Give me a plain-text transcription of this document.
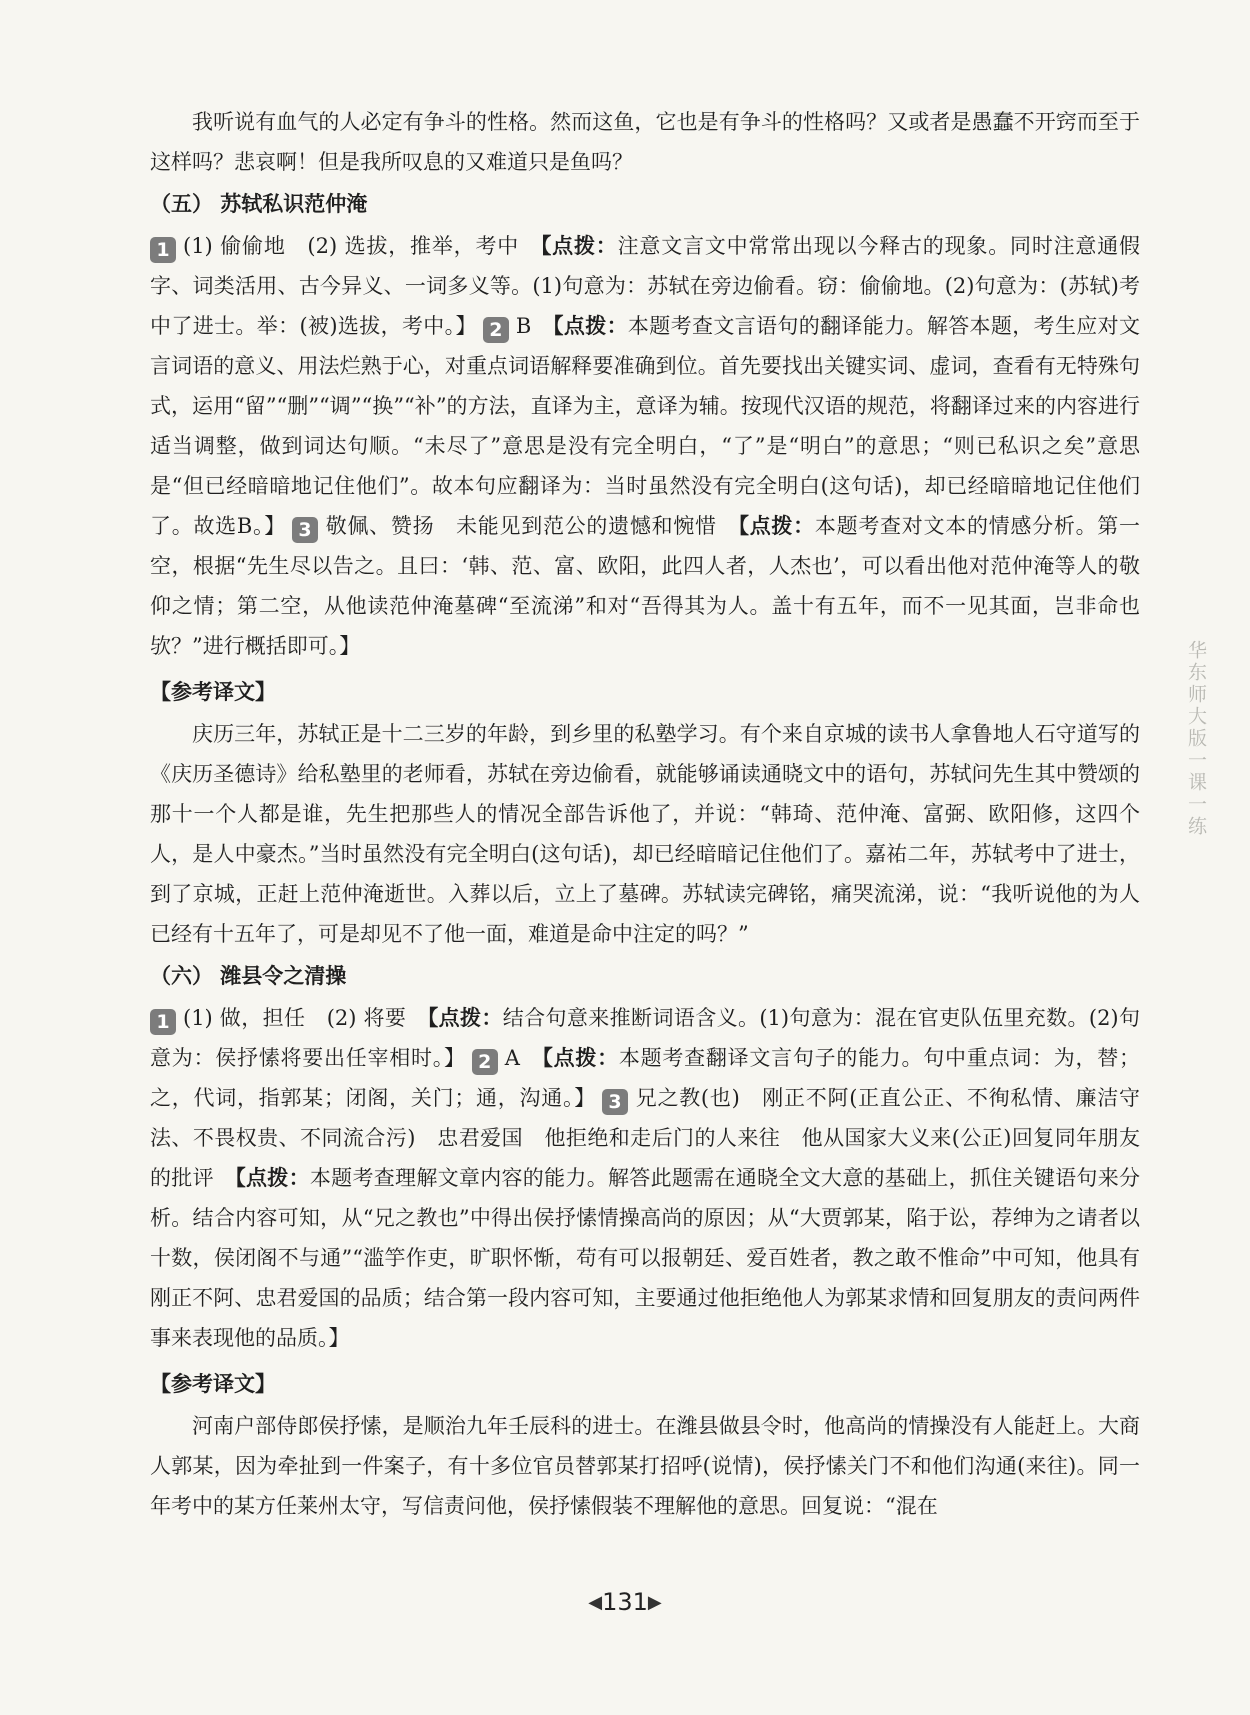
我听说有血气的人必定有争斗的性格。然而这鱼，它也是有争斗的性格吗？又或者是愚蠢不开窍而至于这样吗？悲哀啊！但是我所叹息的又难道只是鱼吗？

（五） 苏轼私识范仲淹

1 (1) 偷偷地　(2) 选拔，推举，考中　 【点拨：注意文言文中常常出现以今释古的现象。同时注意通假字、词类活用、古今异义、一词多义等。(1)句意为：苏轼在旁边偷看。窃：偷偷地。(2)句意为：(苏轼)考中了进士。举：(被)选拔，考中。】 2 B　 【点拨：本题考查文言语句的翻译能力。解答本题，考生应对文言词语的意义、用法烂熟于心，对重点词语解释要准确到位。首先要找出关键实词、虚词，查看有无特殊句式，运用“留”“删”“调”“换”“补”的方法，直译为主，意译为辅。按现代汉语的规范，将翻译过来的内容进行适当调整，做到词达句顺。“未尽了”意思是没有完全明白，“了”是“明白”的意思；“则已私识之矣”意思是“但已经暗暗地记住他们”。故本句应翻译为：当时虽然没有完全明白(这句话)，却已经暗暗地记住他们了。故选B。】 3 敬佩、赞扬　未能见到范公的遗憾和惋惜　 【点拨：本题考查对文本的情感分析。第一空，根据“先生尽以告之。且曰：‘韩、范、富、欧阳，此四人者，人杰也’，可以看出他对范仲淹等人的敬仰之情；第二空，从他读范仲淹墓碑“至流涕”和对“吾得其为人。盖十有五年，而不一见其面，岂非命也欤？”进行概括即可。】

【参考译文】

庆历三年，苏轼正是十二三岁的年龄，到乡里的私塾学习。有个来自京城的读书人拿鲁地人石守道写的《庆历圣德诗》给私塾里的老师看，苏轼在旁边偷看，就能够诵读通晓文中的语句，苏轼问先生其中赞颂的那十一个人都是谁，先生把那些人的情况全部告诉他了，并说：“韩琦、范仲淹、富弼、欧阳修，这四个人，是人中豪杰。”当时虽然没有完全明白(这句话)，却已经暗暗记住他们了。嘉祐二年，苏轼考中了进士，到了京城，正赶上范仲淹逝世。入葬以后，立上了墓碑。苏轼读完碑铭，痛哭流涕，说：“我听说他的为人已经有十五年了，可是却见不了他一面，难道是命中注定的吗？”

（六） 潍县令之清操

1 (1) 做，担任　(2) 将要　 【点拨：结合句意来推断词语含义。(1)句意为：混在官吏队伍里充数。(2)句意为：侯抒愫将要出任宰相时。】 2 A　 【点拨：本题考查翻译文言句子的能力。句中重点词：为，替；之，代词，指郭某；闭阁，关门；通，沟通。】 3 兄之教(也)　刚正不阿(正直公正、不徇私情、廉洁守法、不畏权贵、不同流合污)　忠君爱国　他拒绝和走后门的人来往　他从国家大义来(公正)回复同年朋友的批评　 【点拨：本题考查理解文章内容的能力。解答此题需在通晓全文大意的基础上，抓住关键语句来分析。结合内容可知，从“兄之教也”中得出侯抒愫情操高尚的原因；从“大贾郭某，陷于讼，荐绅为之请者以十数，侯闭阁不与通”“滥竽作吏，旷职怀惭，苟有可以报朝廷、爱百姓者，教之敢不惟命”中可知，他具有刚正不阿、忠君爱国的品质；结合第一段内容可知，主要通过他拒绝他人为郭某求情和回复朋友的责问两件事来表现他的品质。】

【参考译文】

河南户部侍郎侯抒愫，是顺治九年壬辰科的进士。在潍县做县令时，他高尚的情操没有人能赶上。大商人郭某，因为牵扯到一件案子，有十多位官员替郭某打招呼(说情)，侯抒愫关门不和他们沟通(来往)。同一年考中的某方任莱州太守，写信责问他，侯抒愫假装不理解他的意思。回复说：“混在

华东师大版一课一练
◀131▶
